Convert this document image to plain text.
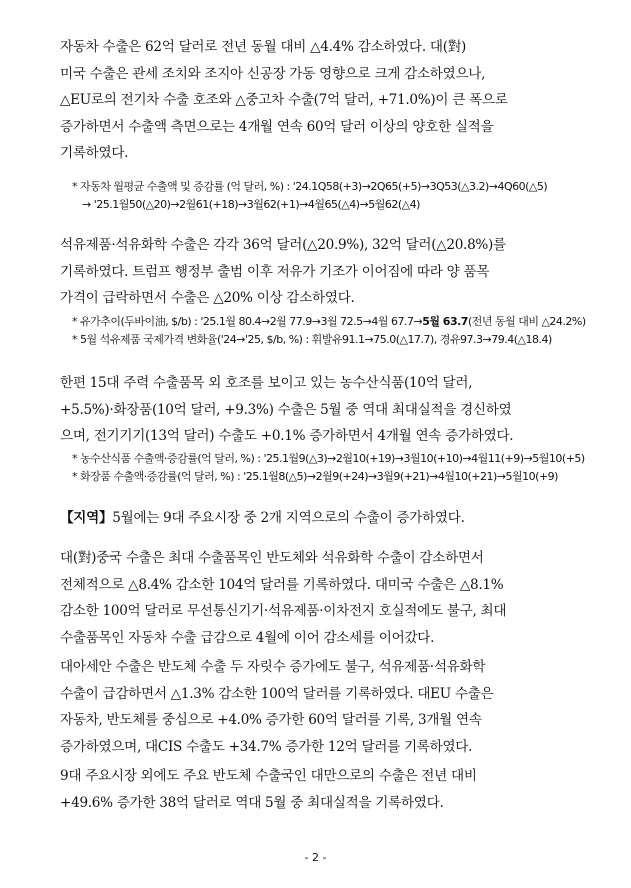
자동차 수출은 62억 달러로 전년 동월 대비 △4.4% 감소하였다. 대(對)
미국 수출은 관세 조치와 조지아 신공장 가동 영향으로 크게 감소하였으나,
△EU로의 전기차 수출 호조와 △중고차 수출(7억 달러, +71.0%)이 큰 폭으로
증가하면서 수출액 측면으로는 4개월 연속 60억 달러 이상의 양호한 실적을
기록하였다.
* 자동차 월평균 수출액 및 증감률 (억 달러, %) : '24.1Q58(+3)→2Q65(+5)→3Q53(△3.2)→4Q60(△5)
→ '25.1월50(△20)→2월61(+18)→3월62(+1)→4월65(△4)→5월62(△4)
석유제품·석유화학 수출은 각각 36억 달러(△20.9%), 32억 달러(△20.8%)를
기록하였다. 트럼프 행정부 출범 이후 저유가 기조가 이어짐에 따라 양 품목
가격이 급락하면서 수출은 △20% 이상 감소하였다.
* 유가추이(두바이油, $/b) : '25.1월 80.4→2월 77.9→3월 72.5→4월 67.7→5월 63.7(전년 동월 대비 △24.2%)
* 5월 석유제품 국제가격 변화율('24→'25, $/b, %) : 휘발유91.1→75.0(△17.7), 경유97.3→79.4(△18.4)
한편 15대 주력 수출품목 외 호조를 보이고 있는 농수산식품(10억 달러,
+5.5%)·화장품(10억 달러, +9.3%) 수출은 5월 중 역대 최대실적을 경신하였
으며, 전기기기(13억 달러) 수출도 +0.1% 증가하면서 4개월 연속 증가하였다.
* 농수산식품 수출액·증감률(억 달러, %) : '25.1월9(△3)→2월10(+19)→3월10(+10)→4월11(+9)→5월10(+5)
* 화장품 수출액·증감률(억 달러, %) : '25.1월8(△5)→2월9(+24)→3월9(+21)→4월10(+21)→5월10(+9)
【지역】5월에는 9대 주요시장 중 2개 지역으로의 수출이 증가하였다.
대(對)중국 수출은 최대 수출품목인 반도체와 석유화학 수출이 감소하면서
전체적으로 △8.4% 감소한 104억 달러를 기록하였다. 대미국 수출은 △8.1%
감소한 100억 달러로 무선통신기기·석유제품·이차전지 호실적에도 불구, 최대
수출품목인 자동차 수출 급감으로 4월에 이어 감소세를 이어갔다.
대아세안 수출은 반도체 수출 두 자릿수 증가에도 불구, 석유제품·석유화학
수출이 급감하면서 △1.3% 감소한 100억 달러를 기록하였다. 대EU 수출은
자동차, 반도체를 중심으로 +4.0% 증가한 60억 달러를 기록, 3개월 연속
증가하였으며, 대CIS 수출도 +34.7% 증가한 12억 달러를 기록하였다.
9대 주요시장 외에도 주요 반도체 수출국인 대만으로의 수출은 전년 대비
+49.6% 증가한 38억 달러로 역대 5월 중 최대실적을 기록하였다.
- 2 -
